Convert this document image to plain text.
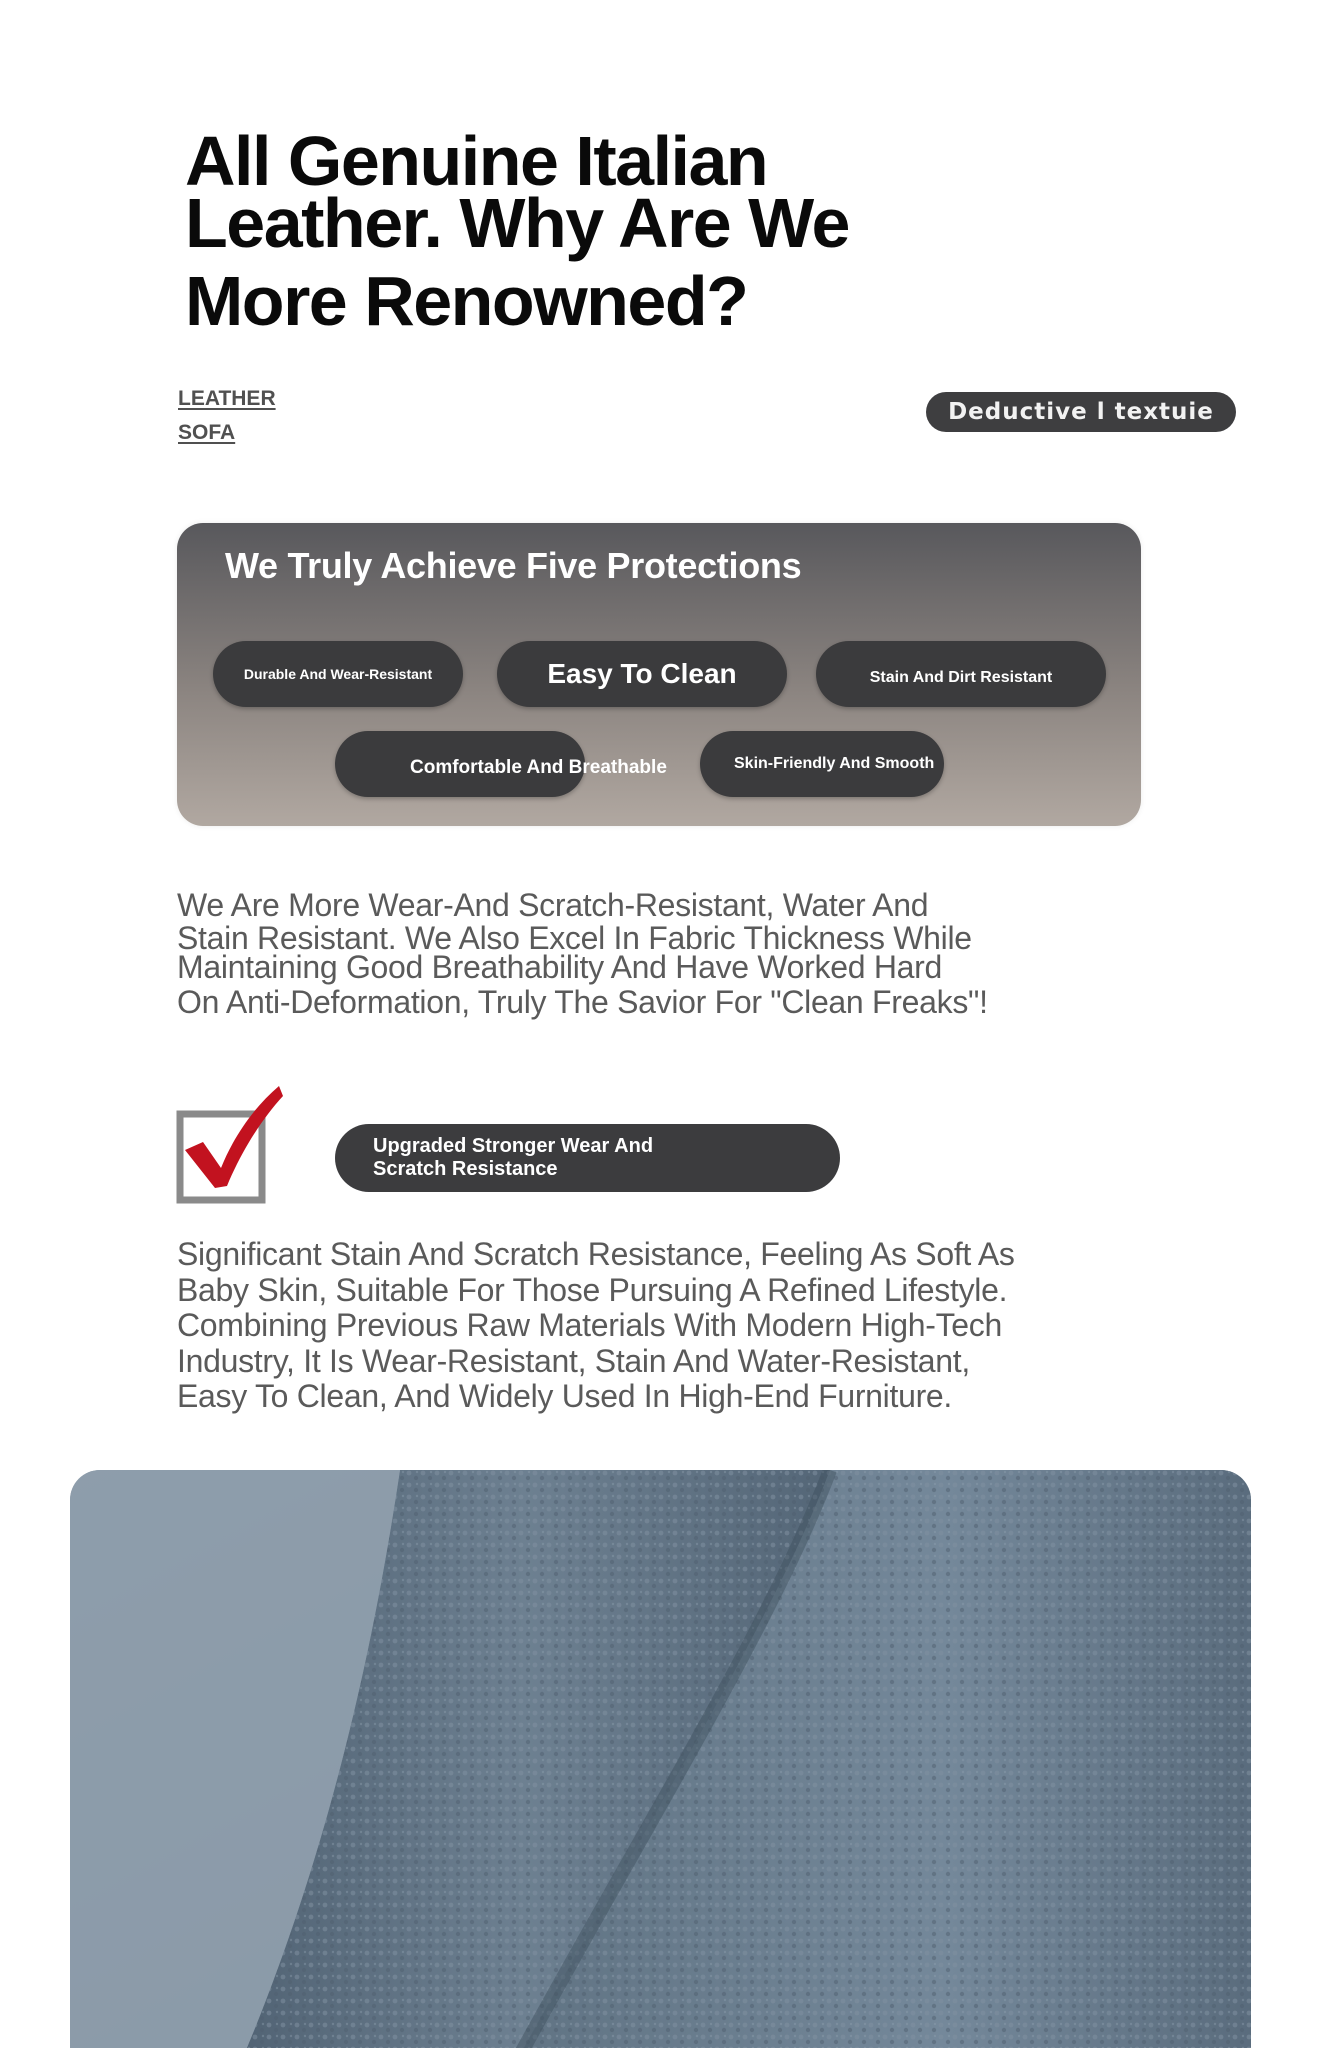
All Genuine Italian
Leather. Why Are We
More Renowned?
LEATHER
SOFA
Deductive l textuie
We Truly Achieve Five Protections
Durable And Wear-Resistant	Easy To Clean	Stain And Dirt Resistant
Comfortable And Breathable	Skin-Friendly And Smooth
We Are More Wear-And Scratch-Resistant, Water And
Stain Resistant. We Also Excel In Fabric Thickness While
Maintaining Good Breathability And Have Worked Hard
On Anti-Deformation, Truly The Savior For "Clean Freaks"!
Upgraded Stronger Wear And
Scratch Resistance
Significant Stain And Scratch Resistance, Feeling As Soft As
Baby Skin, Suitable For Those Pursuing A Refined Lifestyle.
Combining Previous Raw Materials With Modern High-Tech
Industry, It Is Wear-Resistant, Stain And Water-Resistant,
Easy To Clean, And Widely Used In High-End Furniture.
